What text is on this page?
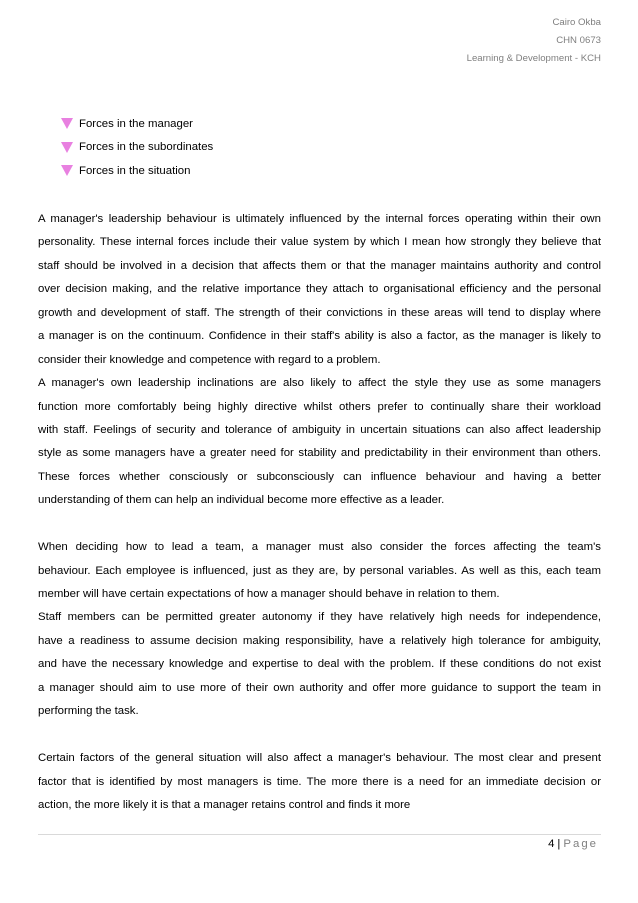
Cairo Okba
CHN 0673
Learning & Development - KCH
Forces in the manager
Forces in the subordinates
Forces in the situation

A manager's leadership behaviour is ultimately influenced by the internal forces operating within their own

personality. These internal forces include their value system by which I mean how strongly they believe that

staff should be involved in a decision that affects them or that the manager maintains authority and control

over decision making, and the relative importance they attach to organisational efficiency and the personal

growth and development of staff. The strength of their convictions in these areas will tend to display where

a manager is on the continuum. Confidence in their staff's ability is also a factor, as the manager is likely to

consider their knowledge and competence with regard to a problem.

A manager's own leadership inclinations are also likely to affect the style they use as some managers

function more comfortably being highly directive whilst others prefer to continually share their workload

with staff. Feelings of security and tolerance of ambiguity in uncertain situations can also affect leadership

style as some managers have a greater need for stability and predictability in their environment than others.

These forces whether consciously or subconsciously can influence behaviour and having a better

understanding of them can help an individual become more effective as a leader.

When deciding how to lead a team, a manager must also consider the forces affecting the team's

behaviour. Each employee is influenced, just as they are, by personal variables. As well as this, each team

member will have certain expectations of how a manager should behave in relation to them.

Staff members can be permitted greater autonomy if they have relatively high needs for independence,

have a readiness to assume decision making responsibility, have a relatively high tolerance for ambiguity,

and have the necessary knowledge and expertise to deal with the problem. If these conditions do not exist

a manager should aim to use more of their own authority and offer more guidance to support the team in

performing the task.

Certain factors of the general situation will also affect a manager's behaviour. The most clear and present

factor that is identified by most managers is time. The more there is a need for an immediate decision or

action, the more likely it is that a manager retains control and finds it more

4 | Page
